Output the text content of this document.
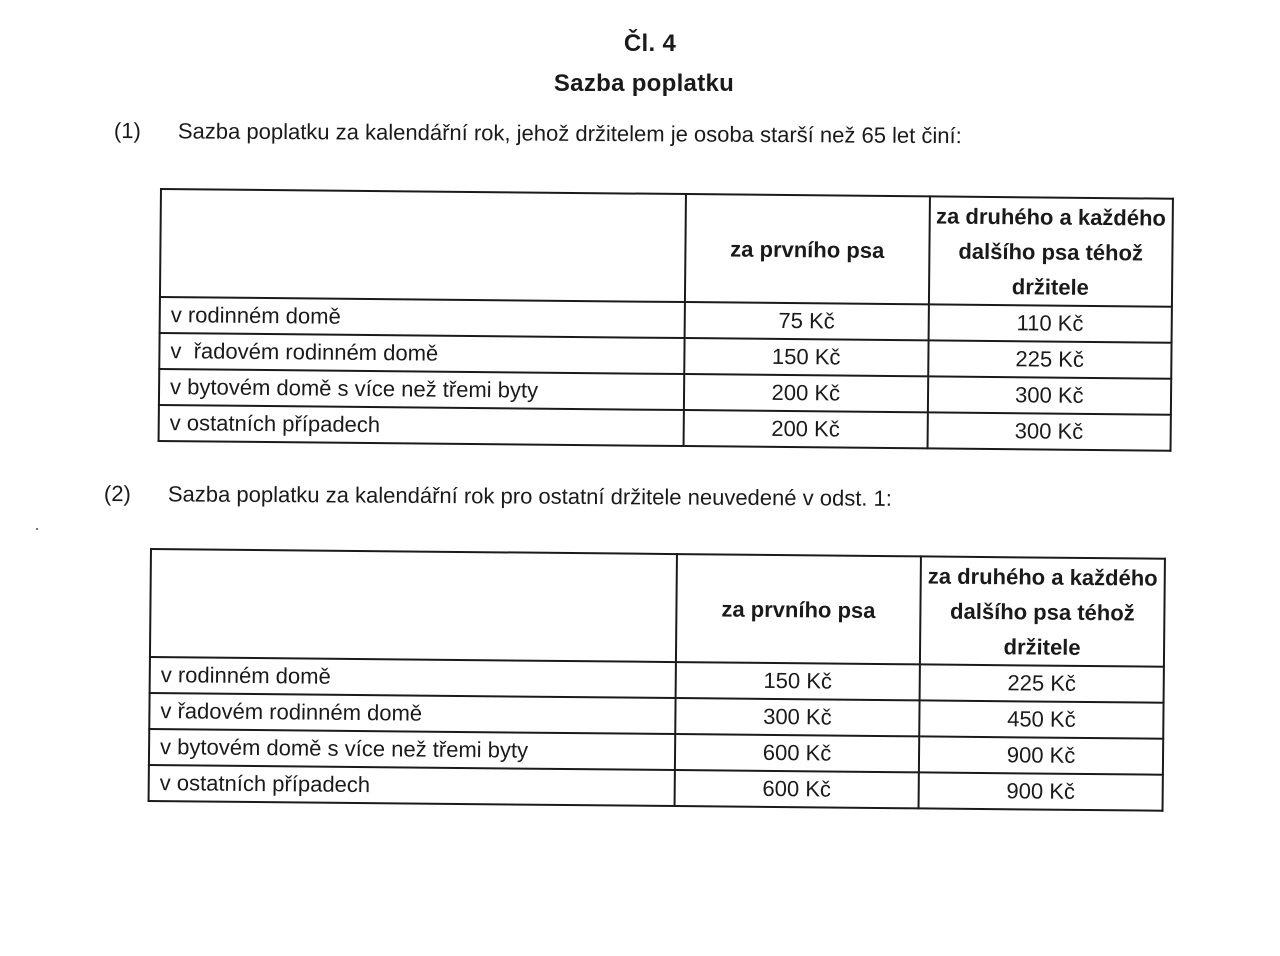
Čl. 4
Sazba poplatku
(1) Sazba poplatku za kalendářní rok, jehož držitelem je osoba starší než 65 let činí:
	za prvního psa	za druhého a každého dalšího psa téhož držitele
v rodinném domě	75 Kč	110 Kč
v  řadovém rodinném domě	150 Kč	225 Kč
v bytovém domě s více než třemi byty	200 Kč	300 Kč
v ostatních případech	200 Kč	300 Kč
(2) Sazba poplatku za kalendářní rok pro ostatní držitele neuvedené v odst. 1:
	za prvního psa	za druhého a každého dalšího psa téhož držitele
v rodinném domě	150 Kč	225 Kč
v řadovém rodinném domě	300 Kč	450 Kč
v bytovém domě s více než třemi byty	600 Kč	900 Kč
v ostatních případech	600 Kč	900 Kč
